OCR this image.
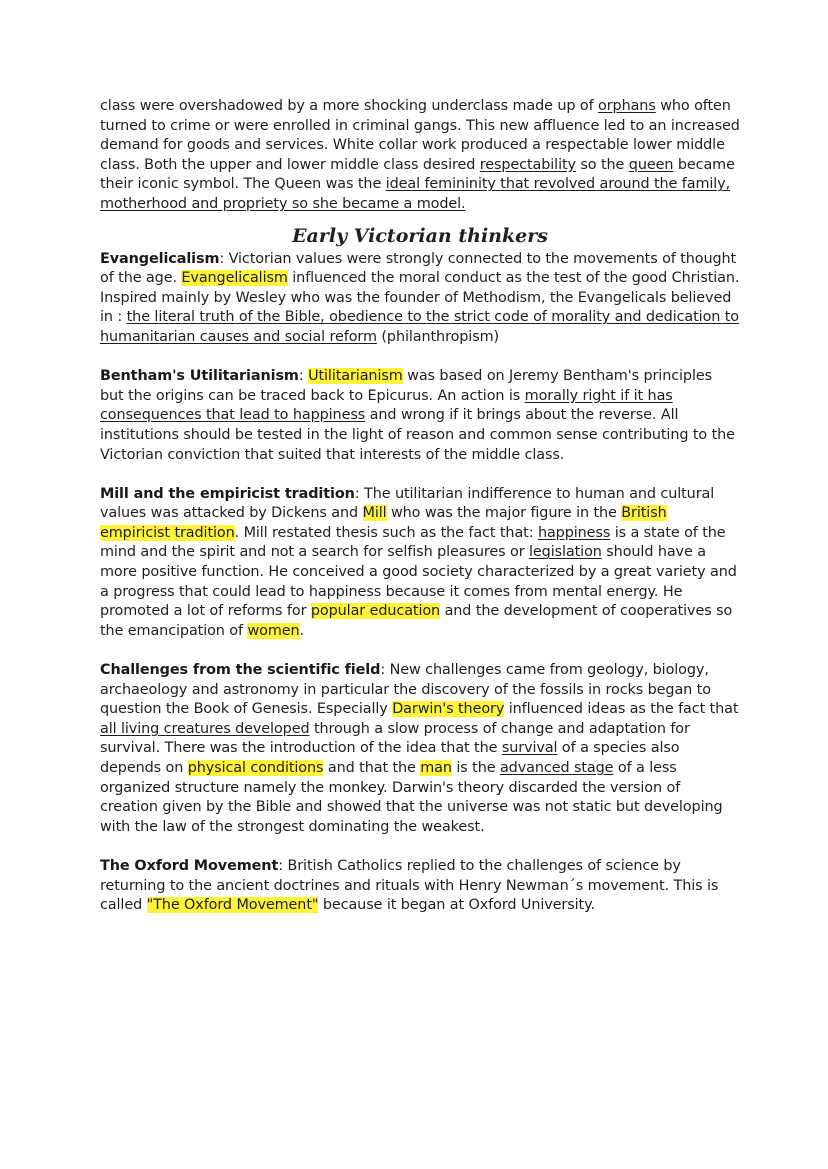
class were overshadowed by a more shocking underclass made up of orphans who often turned to crime or were enrolled in criminal gangs. This new affluence led to an increased demand for goods and services. White collar work produced a respectable lower middle class. Both the upper and lower middle class desired respectability so the queen became their iconic symbol. The Queen was the ideal femininity that revolved around the family, motherhood and propriety so she became a model.

Early Victorian thinkers

Evangelicalism: Victorian values were strongly connected to the movements of thought of the age. Evangelicalism influenced the moral conduct as the test of the good Christian. Inspired mainly by Wesley who was the founder of Methodism, the Evangelicals believed in : the literal truth of the Bible, obedience to the strict code of morality and dedication to humanitarian causes and social reform (philanthropism)

Bentham's Utilitarianism: Utilitarianism was based on Jeremy Bentham's principles but the origins can be traced back to Epicurus. An action is morally right if it has consequences that lead to happiness and wrong if it brings about the reverse. All institutions should be tested in the light of reason and common sense contributing to the Victorian conviction that suited that interests of the middle class.

Mill and the empiricist tradition: The utilitarian indifference to human and cultural values was attacked by Dickens and Mill who was the major figure in the British empiricist tradition. Mill restated thesis such as the fact that: happiness is a state of the mind and the spirit and not a search for selfish pleasures or legislation should have a more positive function. He conceived a good society characterized by a great variety and a progress that could lead to happiness because it comes from mental energy. He promoted a lot of reforms for popular education and the development of cooperatives so the emancipation of women.

Challenges from the scientific field: New challenges came from geology, biology, archaeology and astronomy in particular the discovery of the fossils in rocks began to question the Book of Genesis. Especially Darwin's theory influenced ideas as the fact that all living creatures developed through a slow process of change and adaptation for survival. There was the introduction of the idea that the survival of a species also depends on physical conditions and that the man is the advanced stage of a less organized structure namely the monkey. Darwin's theory discarded the version of creation given by the Bible and showed that the universe was not static but developing with the law of the strongest dominating the weakest.

The Oxford Movement: British Catholics replied to the challenges of science by returning to the ancient doctrines and rituals with Henry Newman´s movement. This is called "The Oxford Movement" because it began at Oxford University.
